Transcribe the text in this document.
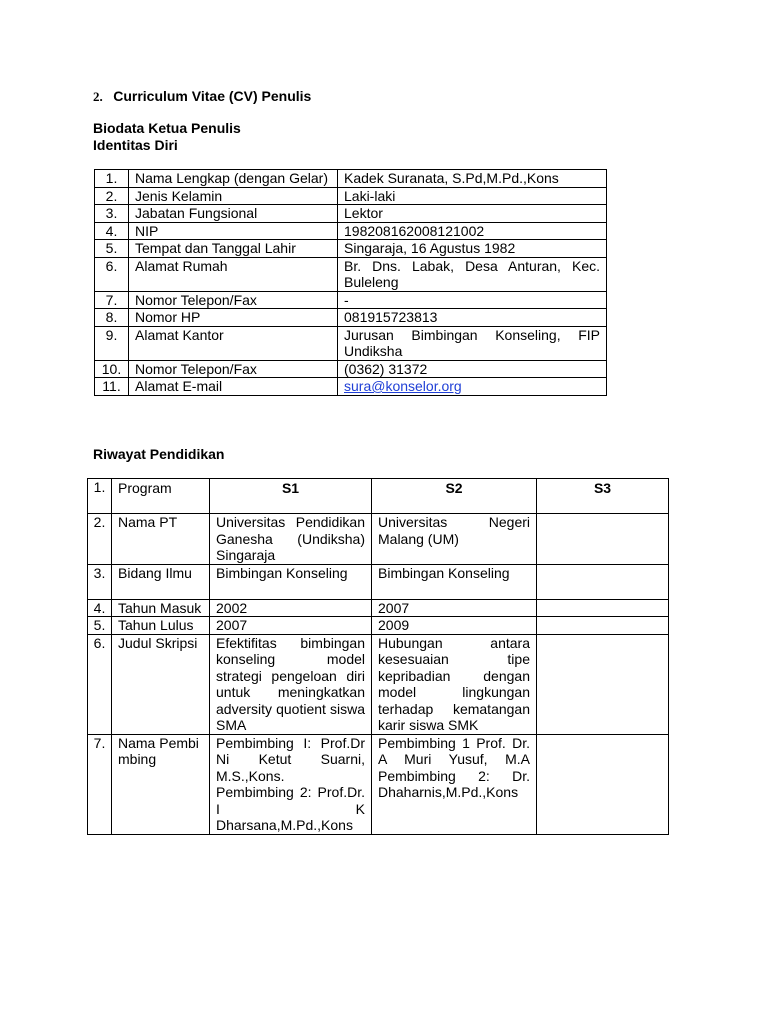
2. Curriculum Vitae (CV) Penulis
Biodata Ketua Penulis
Identitas Diri
1.	Nama Lengkap (dengan Gelar)	Kadek Suranata, S.Pd,M.Pd.,Kons
2.	Jenis Kelamin	Laki-laki
3.	Jabatan Fungsional	Lektor
4.	NIP	198208162008121002
5.	Tempat dan Tanggal Lahir	Singaraja, 16 Agustus 1982
6.	Alamat Rumah	Br. Dns. Labak, Desa Anturan, Kec. Buleleng
7.	Nomor Telepon/Fax	-
8.	Nomor HP	081915723813
9.	Alamat Kantor	Jurusan Bimbingan Konseling, FIP Undiksha
10.	Nomor Telepon/Fax	(0362) 31372
11.	Alamat E-mail	sura@konselor.org
Riwayat Pendidikan
1.	Program	S1	S2	S3
2.	Nama PT	Universitas Pendidikan Ganesha (Undiksha) Singaraja	Universitas Negeri Malang (UM)	
3.	Bidang Ilmu	Bimbingan Konseling	Bimbingan Konseling	
4.	Tahun Masuk	2002	2007	
5.	Tahun Lulus	2007	2009	
6.	Judul Skripsi	Efektifitas bimbingan konseling model strategi pengeloan diri untuk meningkatkan adversity quotient siswa SMA	Hubungan antara kesesuaian tipe kepribadian dengan model lingkungan terhadap kematangan karir siswa SMK	
7.	Nama Pembimbing	Pembimbing I: Prof.Dr Ni Ketut Suarni, M.S.,Kons. Pembimbing 2: Prof.Dr. I K Dharsana,M.Pd.,Kons	Pembimbing 1 Prof. Dr. A Muri Yusuf, M.A Pembimbing 2: Dr. Dhaharnis,M.Pd.,Kons	
